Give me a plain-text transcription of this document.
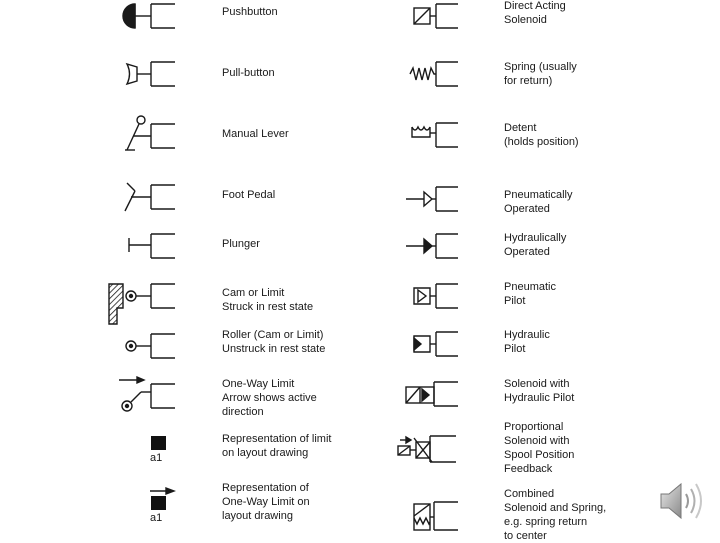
Pushbutton
Pull-button
Manual Lever
Foot Pedal
Plunger
Cam or Limit
Struck in rest state
Roller (Cam or Limit)
Unstruck in rest state
One-Way Limit
Arrow shows active
direction
a1
Representation of limit
on layout drawing
a1
Representation of
One-Way Limit on
layout drawing
Direct Acting
Solenoid
Spring (usually
for return)
Detent
(holds position)
Pneumatically
Operated
Hydraulically
Operated
Pneumatic
Pilot
Hydraulic
Pilot
Solenoid with
Hydraulic Pilot
Proportional
Solenoid with
Spool Position
Feedback
Combined
Solenoid and Spring,
e.g. spring return
to center
